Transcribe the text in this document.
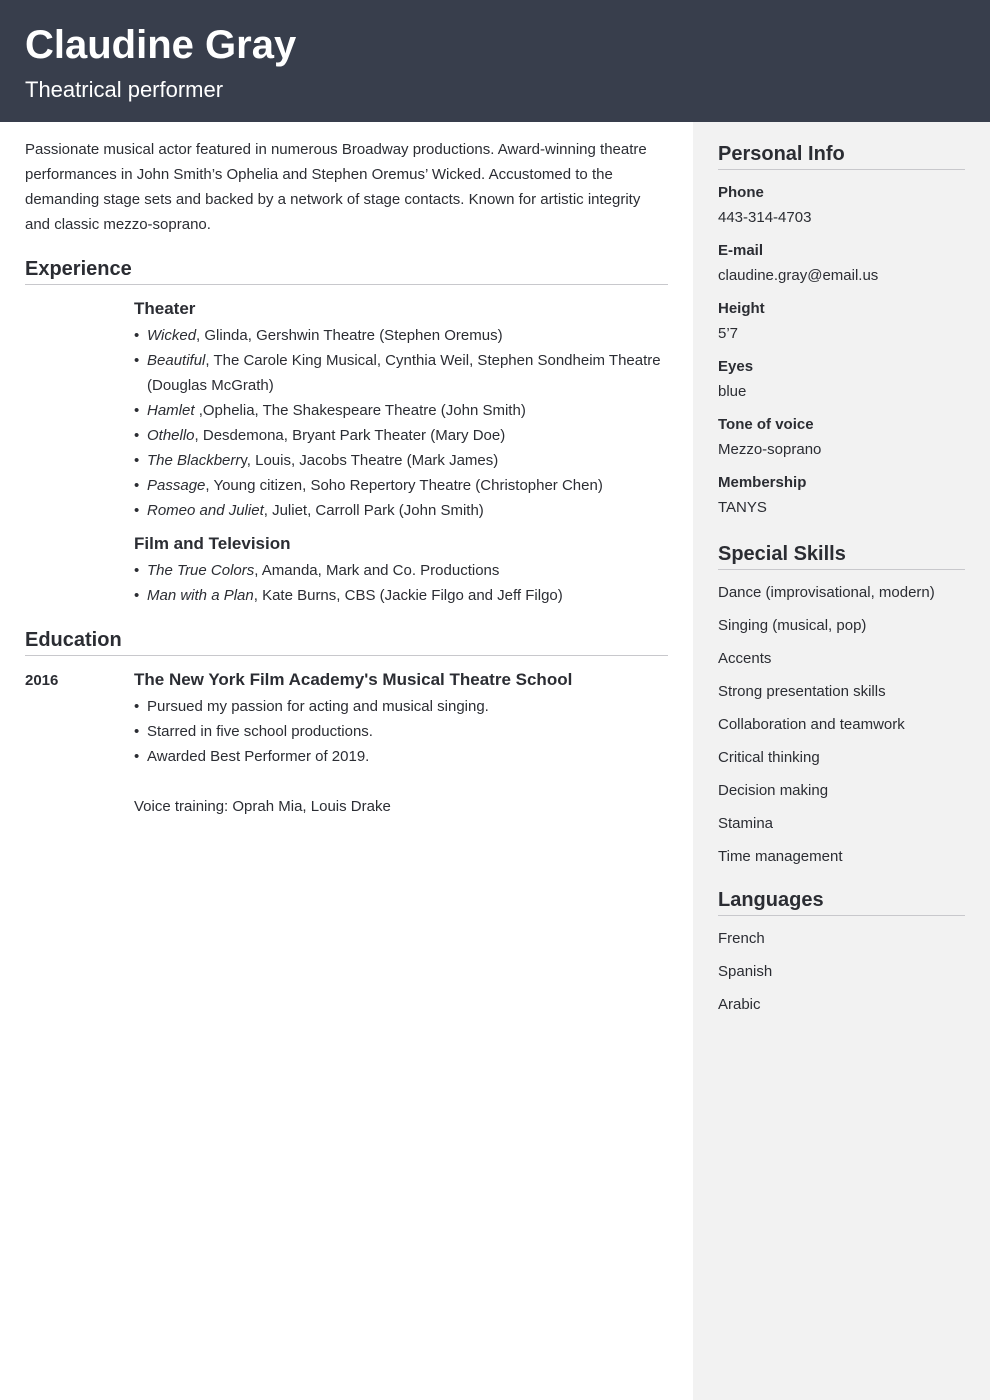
Claudine Gray
Theatrical performer

Passionate musical actor featured in numerous Broadway productions. Award-winning theatre performances in John Smith’s Ophelia and Stephen Oremus’ Wicked. Accustomed to the demanding stage sets and backed by a network of stage contacts. Known for artistic integrity and classic mezzo-soprano.

Experience
Theater
• Wicked, Glinda, Gershwin Theatre (Stephen Oremus)
• Beautiful, The Carole King Musical, Cynthia Weil, Stephen Sondheim Theatre (Douglas McGrath)
• Hamlet ,Ophelia, The Shakespeare Theatre (John Smith)
• Othello, Desdemona, Bryant Park Theater (Mary Doe)
• The Blackberry, Louis, Jacobs Theatre (Mark James)
• Passage, Young citizen, Soho Repertory Theatre (Christopher Chen)
• Romeo and Juliet, Juliet, Carroll Park (John Smith)
Film and Television
• The True Colors, Amanda, Mark and Co. Productions
• Man with a Plan, Kate Burns, CBS (Jackie Filgo and Jeff Filgo)
Education
2016	The New York Film Academy's Musical Theatre School
• Pursued my passion for acting and musical singing.
• Starred in five school productions.
• Awarded Best Performer of 2019.
Voice training: Oprah Mia, Louis Drake
Personal Info
Phone
443-314-4703
E-mail
claudine.gray@email.us
Height
5’7
Eyes
blue
Tone of voice
Mezzo-soprano
Membership
TANYS
Special Skills
Dance (improvisational, modern)
Singing (musical, pop)
Accents
Strong presentation skills
Collaboration and teamwork
Critical thinking
Decision making
Stamina
Time management
Languages
French
Spanish
Arabic
